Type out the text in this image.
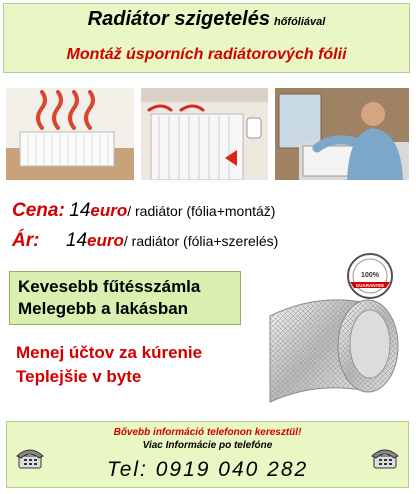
Radiátor szigetelés hőfóliával
Montáž úsporních radiátorových fólii
Cena: 14euro/ radiátor (fólia+montáž)
Ár: 14euro/ radiátor (fólia+szerelés)
100%
GUARANTEE
Kevesebb fűtésszámla
Melegebb a lakásban
Menej účtov za kúrenie
Teplejšie v byte
Bővebb információ telefonon keresztül!
Viac Informácie po telefóne
Tel: 0919 040 282
